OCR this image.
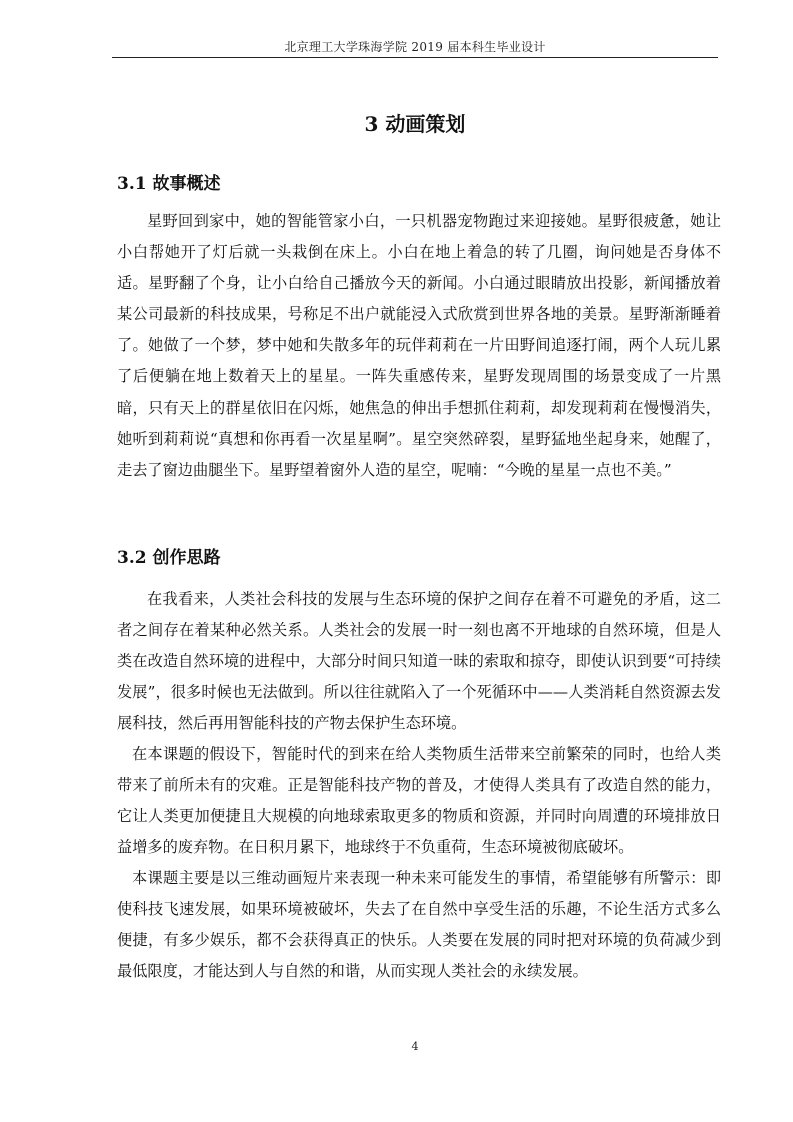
北京理工大学珠海学院 2019 届本科生毕业设计
3 动画策划
3.1 故事概述

星野回到家中，她的智能管家小白，一只机器宠物跑过来迎接她。星野很疲惫，她让小白帮她开了灯后就一头栽倒在床上。小白在地上着急的转了几圈，询问她是否身体不适。星野翻了个身，让小白给自己播放今天的新闻。小白通过眼睛放出投影，新闻播放着某公司最新的科技成果，号称足不出户就能浸入式欣赏到世界各地的美景。星野渐渐睡着了。她做了一个梦，梦中她和失散多年的玩伴莉莉在一片田野间追逐打闹，两个人玩儿累了后便躺在地上数着天上的星星。一阵失重感传来，星野发现周围的场景变成了一片黑暗，只有天上的群星依旧在闪烁，她焦急的伸出手想抓住莉莉，却发现莉莉在慢慢消失，她听到莉莉说“真想和你再看一次星星啊”。星空突然碎裂，星野猛地坐起身来，她醒了，走去了窗边曲腿坐下。星野望着窗外人造的星空，呢喃：“今晚的星星一点也不美。”

3.2 创作思路

在我看来，人类社会科技的发展与生态环境的保护之间存在着不可避免的矛盾，这二者之间存在着某种必然关系。人类社会的发展一时一刻也离不开地球的自然环境，但是人类在改造自然环境的进程中，大部分时间只知道一昧的索取和掠夺，即使认识到要“可持续发展”，很多时候也无法做到。所以往往就陷入了一个死循环中——人类消耗自然资源去发展科技，然后再用智能科技的产物去保护生态环境。

在本课题的假设下，智能时代的到来在给人类物质生活带来空前繁荣的同时，也给人类带来了前所未有的灾难。正是智能科技产物的普及，才使得人类具有了改造自然的能力，它让人类更加便捷且大规模的向地球索取更多的物质和资源，并同时向周遭的环境排放日益增多的废弃物。在日积月累下，地球终于不负重荷，生态环境被彻底破坏。

本课题主要是以三维动画短片来表现一种未来可能发生的事情，希望能够有所警示：即使科技飞速发展，如果环境被破坏，失去了在自然中享受生活的乐趣，不论生活方式多么便捷，有多少娱乐，都不会获得真正的快乐。人类要在发展的同时把对环境的负荷减少到最低限度，才能达到人与自然的和谐，从而实现人类社会的永续发展。

4
